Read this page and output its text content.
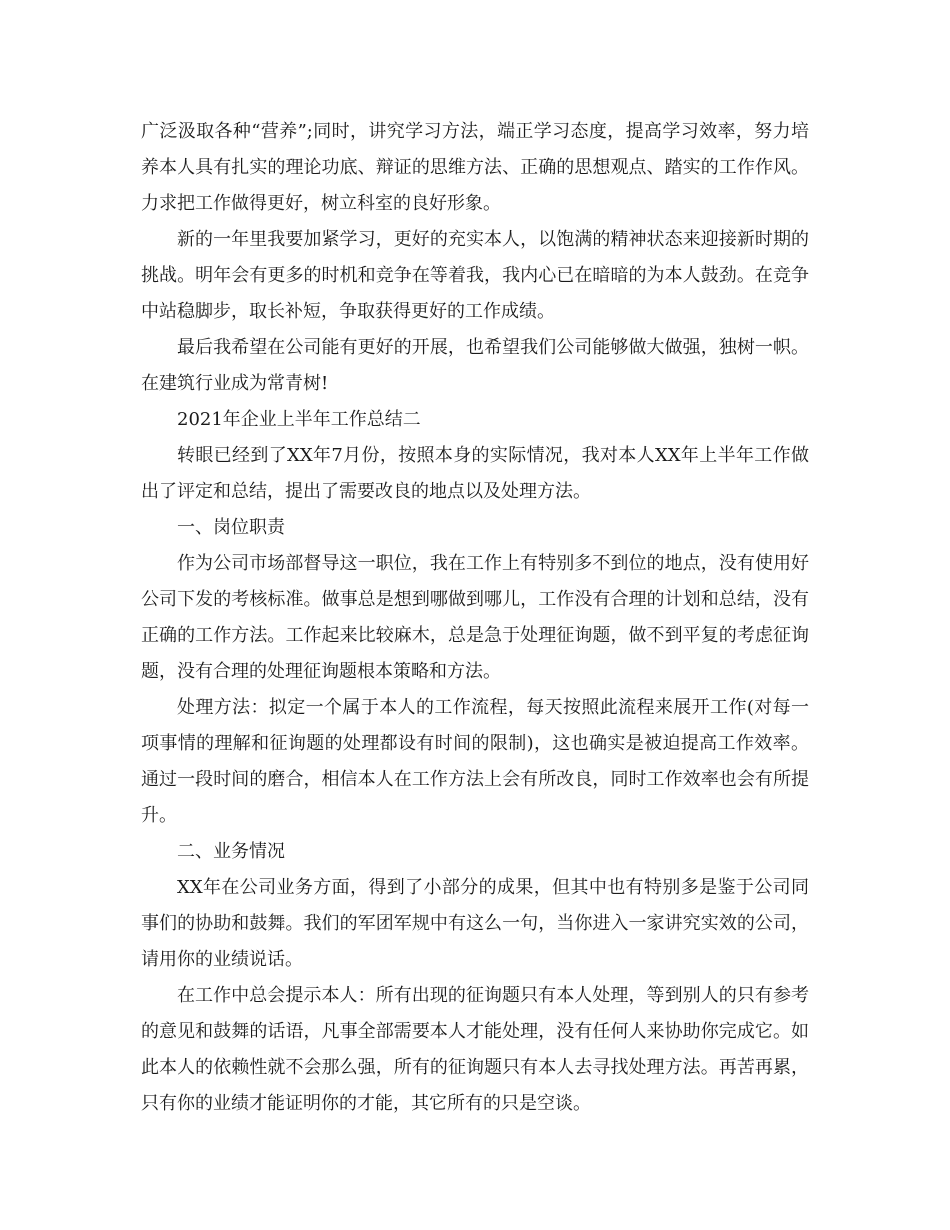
广泛汲取各种“营养”;同时，讲究学习方法，端正学习态度，提高学习效率，努力培养本人具有扎实的理论功底、辩证的思维方法、正确的思想观点、踏实的工作作风。力求把工作做得更好，树立科室的良好形象。

新的一年里我要加紧学习，更好的充实本人，以饱满的精神状态来迎接新时期的挑战。明年会有更多的时机和竞争在等着我，我内心已在暗暗的为本人鼓劲。在竞争中站稳脚步，取长补短，争取获得更好的工作成绩。

最后我希望在公司能有更好的开展，也希望我们公司能够做大做强，独树一帜。在建筑行业成为常青树!

2021年企业上半年工作总结二

转眼已经到了XX年7月份，按照本身的实际情况，我对本人XX年上半年工作做出了评定和总结，提出了需要改良的地点以及处理方法。

一、岗位职责

作为公司市场部督导这一职位，我在工作上有特别多不到位的地点，没有使用好公司下发的考核标准。做事总是想到哪做到哪儿，工作没有合理的计划和总结，没有正确的工作方法。工作起来比较麻木，总是急于处理征询题，做不到平复的考虑征询题，没有合理的处理征询题根本策略和方法。

处理方法：拟定一个属于本人的工作流程，每天按照此流程来展开工作(对每一项事情的理解和征询题的处理都设有时间的限制)，这也确实是被迫提高工作效率。通过一段时间的磨合，相信本人在工作方法上会有所改良，同时工作效率也会有所提升。

二、业务情况

XX年在公司业务方面，得到了小部分的成果，但其中也有特别多是鉴于公司同事们的协助和鼓舞。我们的军团军规中有这么一句，当你进入一家讲究实效的公司，请用你的业绩说话。

在工作中总会提示本人：所有出现的征询题只有本人处理，等到别人的只有参考的意见和鼓舞的话语，凡事全部需要本人才能处理，没有任何人来协助你完成它。如此本人的依赖性就不会那么强，所有的征询题只有本人去寻找处理方法。再苦再累，只有你的业绩才能证明你的才能，其它所有的只是空谈。
